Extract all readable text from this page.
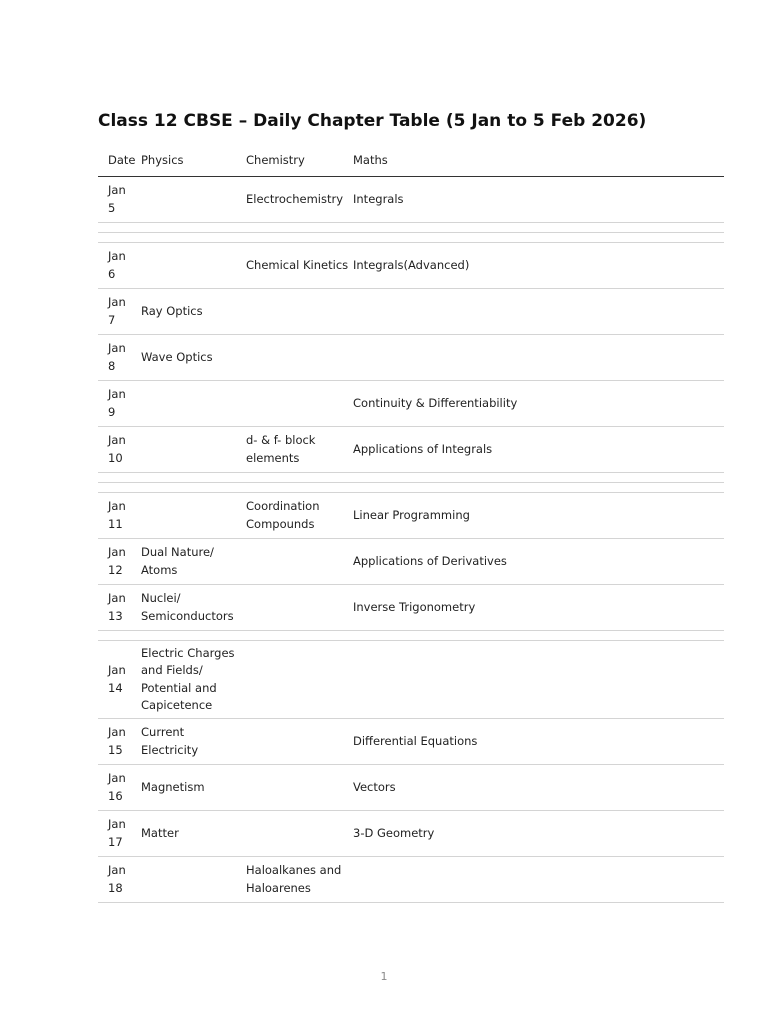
Class 12 CBSE – Daily Chapter Table (5 Jan to 5 Feb 2026)
Date	Physics	Chemistry	Maths

Jan
5		Electrochemistry	Integrals

Jan
6		Chemical Kinetics	Integrals(Advanced)

Jan
7	Ray Optics		

Jan
8	Wave Optics		

Jan
9			Continuity & Differentiability

Jan
10		d- & f- block elements	Applications of Integrals

Jan
11		Coordination Compounds	Linear Programming

Jan
12	Dual Nature/ Atoms		Applications of Derivatives

Jan
13	Nuclei/ Semiconductors		Inverse Trigonometry

Jan
14	Electric Charges and Fields/ Potential and Capicetence		

Jan
15	Current Electricity		Differential Equations

Jan
16	Magnetism		Vectors

Jan
17	Matter		3-D Geometry

Jan
18		Haloalkanes and Haloarenes	
1
